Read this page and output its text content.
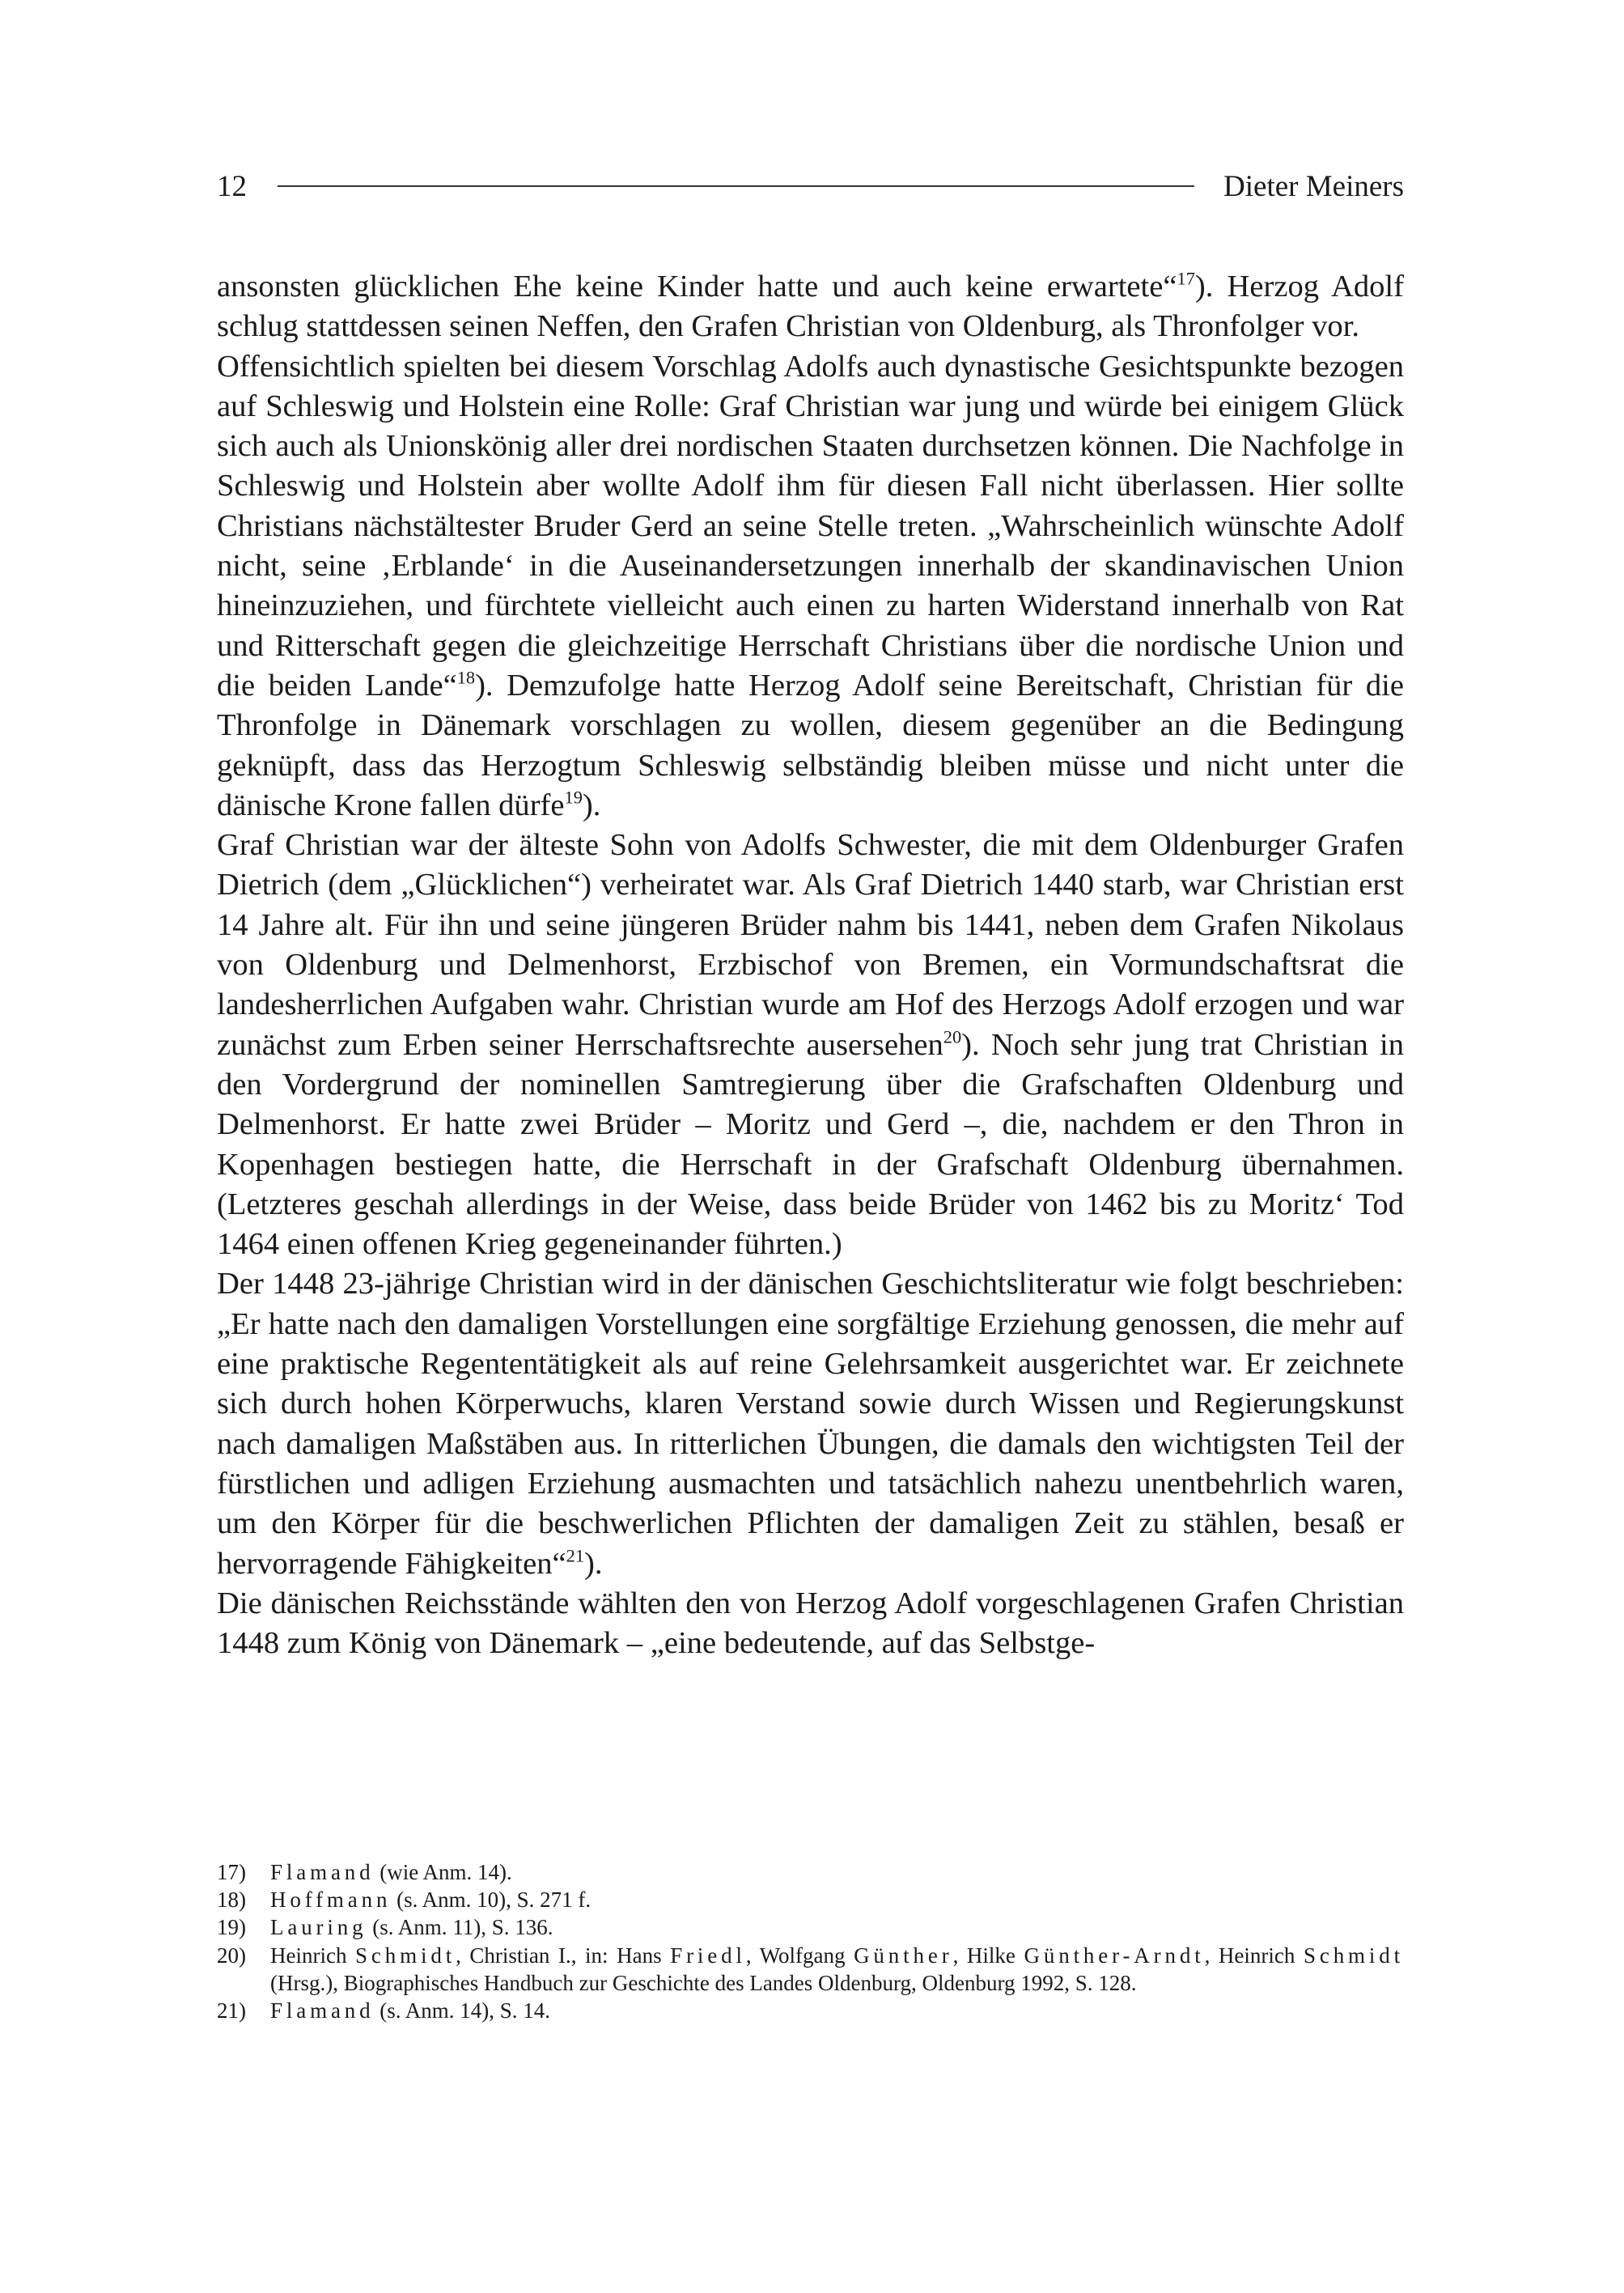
12	Dieter Meiners

ansonsten glücklichen Ehe keine Kinder hatte und auch keine erwartete“$^{17}$). Herzog Adolf schlug stattdessen seinen Neffen, den Grafen Christian von Oldenburg, als Thronfolger vor.

Offensichtlich spielten bei diesem Vorschlag Adolfs auch dynastische Gesichtspunkte bezogen auf Schleswig und Holstein eine Rolle: Graf Christian war jung und würde bei einigem Glück sich auch als Unionskönig aller drei nordischen Staaten durchsetzen können. Die Nachfolge in Schleswig und Holstein aber wollte Adolf ihm für diesen Fall nicht überlassen. Hier sollte Christians nächstältester Bruder Gerd an seine Stelle treten. „Wahrscheinlich wünschte Adolf nicht, seine ‚Erblande‘ in die Auseinandersetzungen innerhalb der skandinavischen Union hineinzuziehen, und fürchtete vielleicht auch einen zu harten Widerstand innerhalb von Rat und Ritterschaft gegen die gleichzeitige Herrschaft Christians über die nordische Union und die beiden Lande“$^{18}$). Demzufolge hatte Herzog Adolf seine Bereitschaft, Christian für die Thronfolge in Dänemark vorschlagen zu wollen, diesem gegenüber an die Bedingung geknüpft, dass das Herzogtum Schleswig selbständig bleiben müsse und nicht unter die dänische Krone fallen dürfe$^{19}$).

Graf Christian war der älteste Sohn von Adolfs Schwester, die mit dem Oldenburger Grafen Dietrich (dem „Glücklichen“) verheiratet war. Als Graf Dietrich 1440 starb, war Christian erst 14 Jahre alt. Für ihn und seine jüngeren Brüder nahm bis 1441, neben dem Grafen Nikolaus von Oldenburg und Delmenhorst, Erzbischof von Bremen, ein Vormundschaftsrat die landesherrlichen Aufgaben wahr. Christian wurde am Hof des Herzogs Adolf erzogen und war zunächst zum Erben seiner Herrschaftsrechte ausersehen$^{20}$). Noch sehr jung trat Christian in den Vordergrund der nominellen Samtregierung über die Grafschaften Oldenburg und Delmenhorst. Er hatte zwei Brüder – Moritz und Gerd –, die, nachdem er den Thron in Kopenhagen bestiegen hatte, die Herrschaft in der Grafschaft Oldenburg übernahmen. (Letzteres geschah allerdings in der Weise, dass beide Brüder von 1462 bis zu Moritz‘ Tod 1464 einen offenen Krieg gegeneinander führten.)

Der 1448 23-jährige Christian wird in der dänischen Geschichtsliteratur wie folgt beschrieben: „Er hatte nach den damaligen Vorstellungen eine sorgfältige Erziehung genossen, die mehr auf eine praktische Regententätigkeit als auf reine Gelehrsamkeit ausgerichtet war. Er zeichnete sich durch hohen Körperwuchs, klaren Verstand sowie durch Wissen und Regierungskunst nach damaligen Maßstäben aus. In ritterlichen Übungen, die damals den wichtigsten Teil der fürstlichen und adligen Erziehung ausmachten und tatsächlich nahezu unentbehrlich waren, um den Körper für die beschwerlichen Pflichten der damaligen Zeit zu stählen, besaß er hervorragende Fähigkeiten“$^{21}$).

Die dänischen Reichsstände wählten den von Herzog Adolf vorgeschlagenen Grafen Christian 1448 zum König von Dänemark – „eine bedeutende, auf das Selbstge-

17)	Flamand (wie Anm. 14).
18)	Hoffmann (s. Anm. 10), S. 271 f.
19)	Lauring (s. Anm. 11), S. 136.
20)	Heinrich Schmidt, Christian I., in: Hans Friedl, Wolfgang Günther, Hilke Günther-Arndt, Heinrich Schmidt (Hrsg.), Biographisches Handbuch zur Geschichte des Landes Oldenburg, Oldenburg 1992, S. 128.
21)	Flamand (s. Anm. 14), S. 14.
